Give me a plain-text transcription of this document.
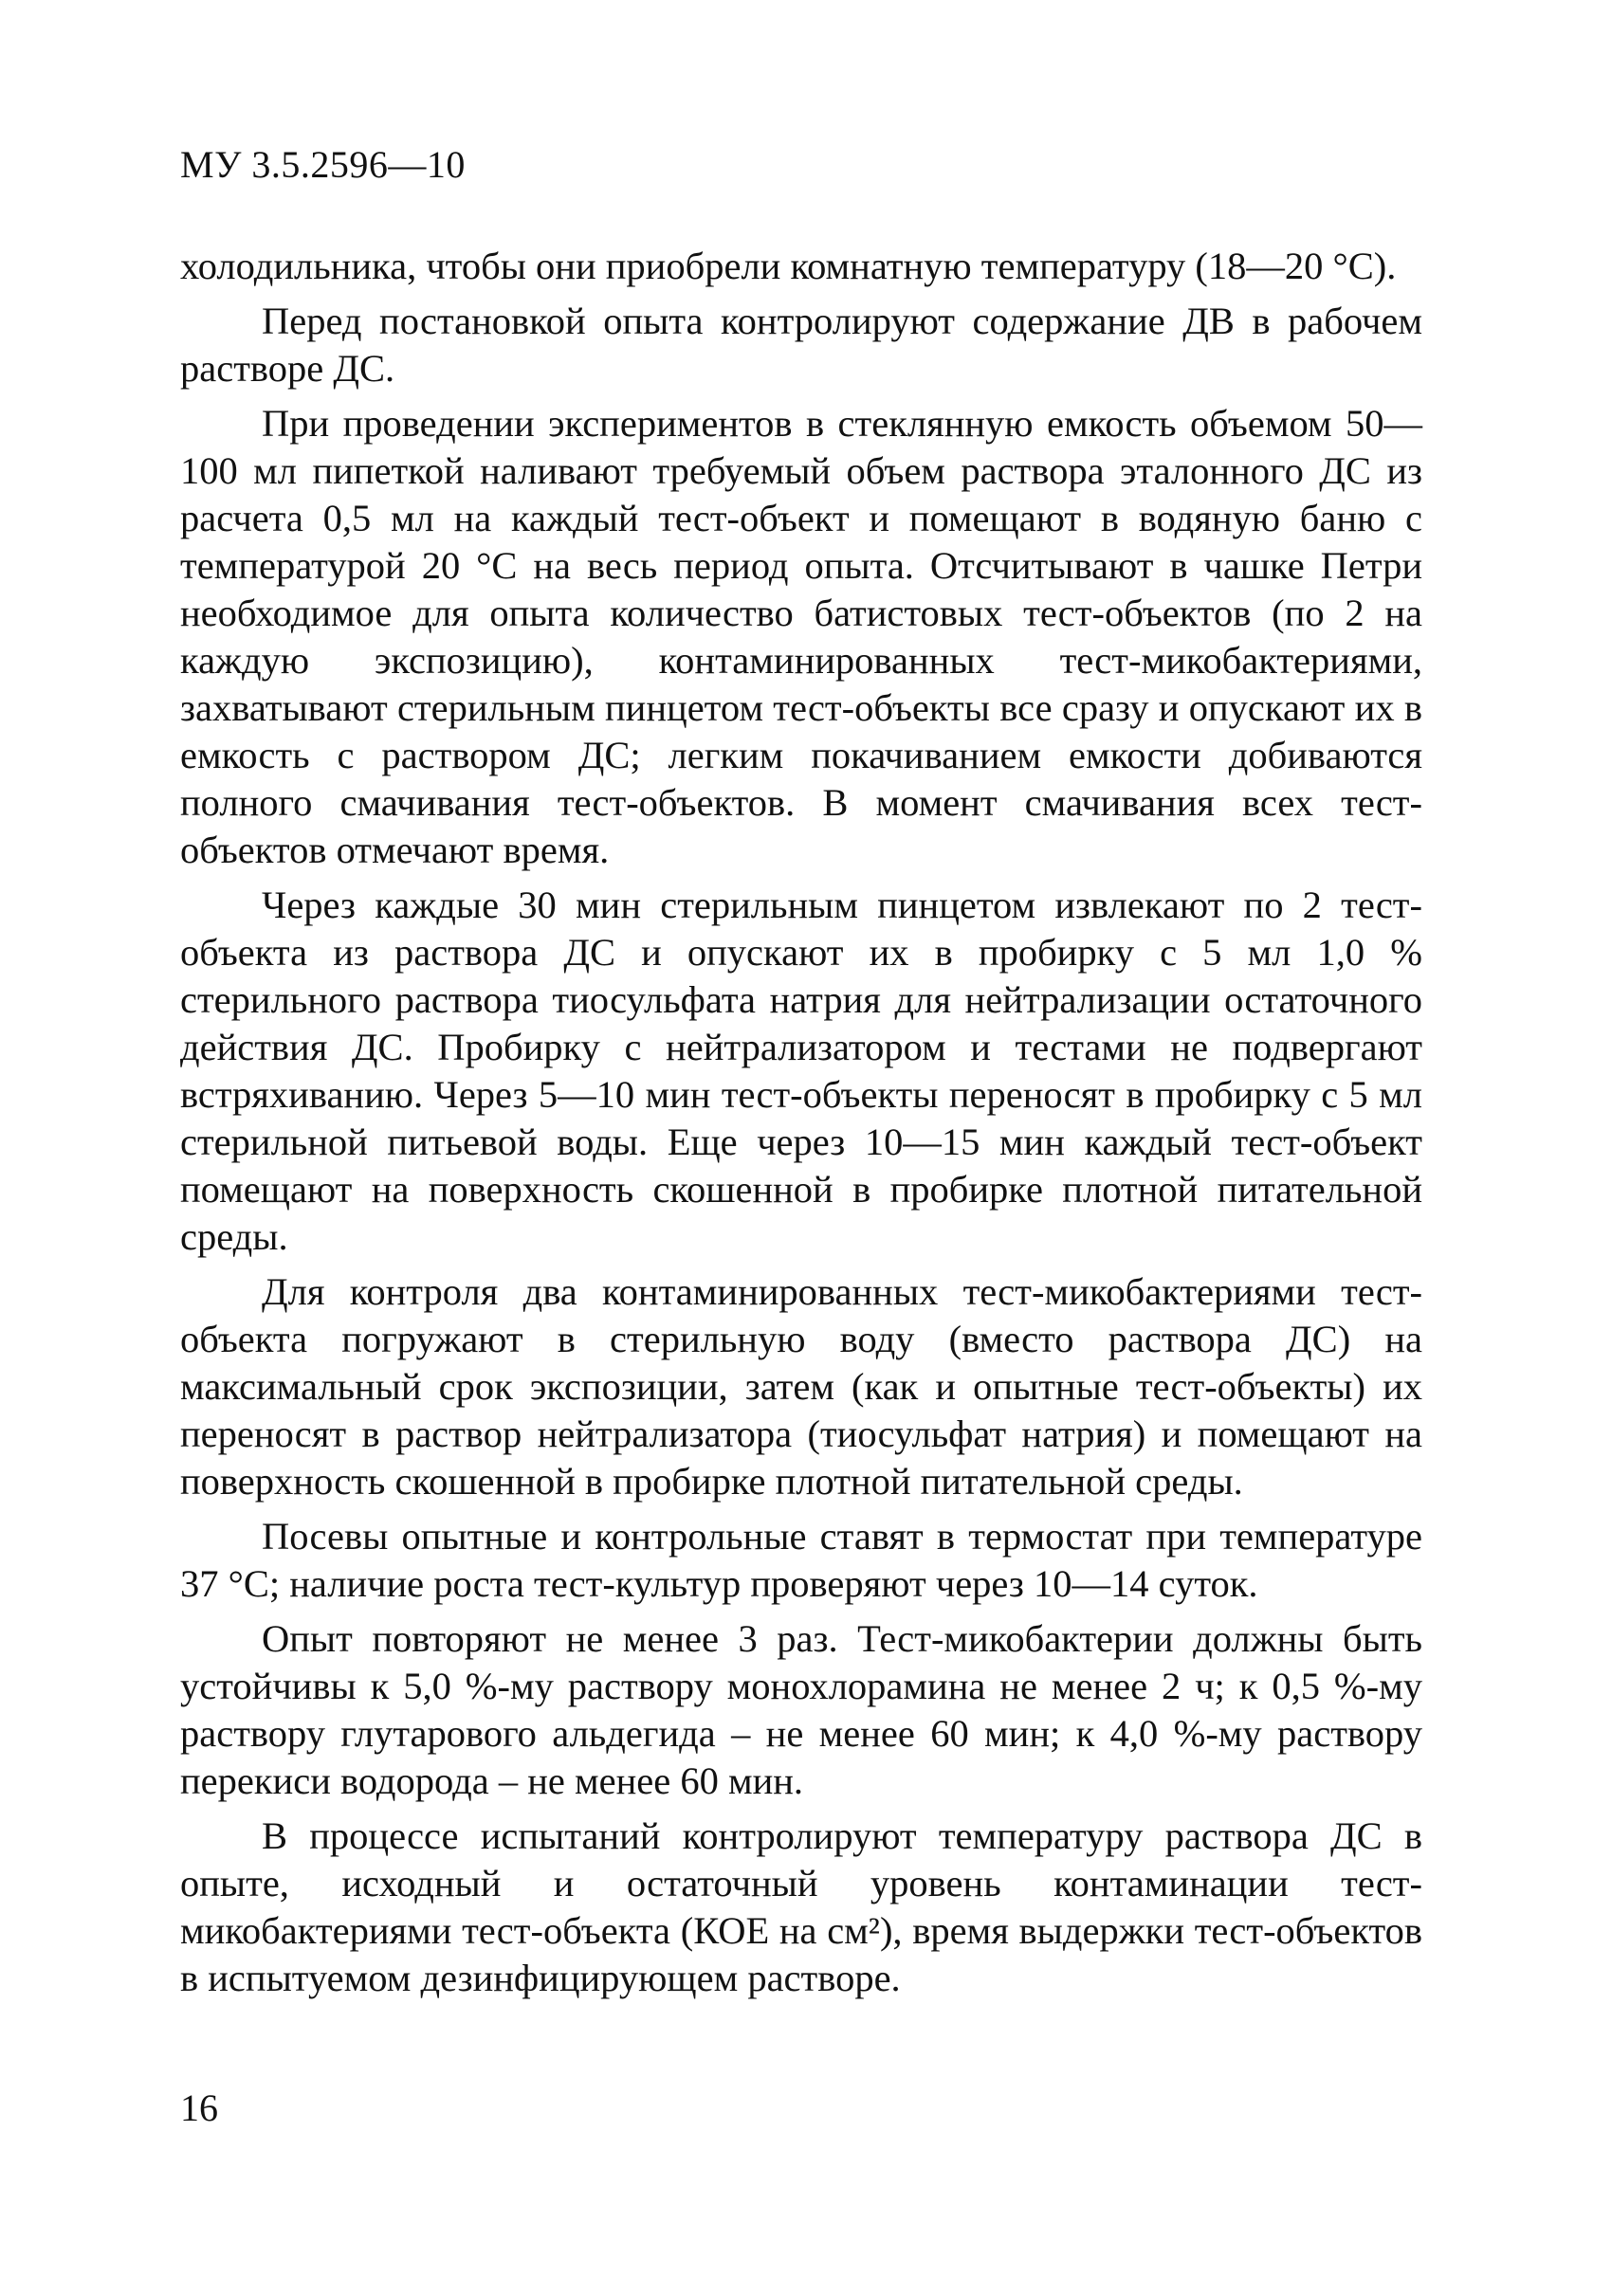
МУ 3.5.2596—10

холодильника, чтобы они приобрели комнатную температуру (18—20 °С).

Перед постановкой опыта контролируют содержание ДВ в рабочем растворе ДС.

При проведении экспериментов в стеклянную емкость объемом 50—100 мл пипеткой наливают требуемый объем раствора эталонного ДС из расчета 0,5 мл на каждый тест-объект и помещают в водяную баню с температурой 20 °С на весь период опыта. Отсчитывают в чашке Петри необходимое для опыта количество батистовых тест-объектов (по 2 на каждую экспозицию), контаминированных тест-микобактериями, захватывают стерильным пинцетом тест-объекты все сразу и опускают их в емкость с раствором ДС; легким покачиванием емкости добиваются полного смачивания тест-объектов. В момент смачивания всех тест-объектов отмечают время.

Через каждые 30 мин стерильным пинцетом извлекают по 2 тест-объекта из раствора ДС и опускают их в пробирку с 5 мл 1,0 % стерильного раствора тиосульфата натрия для нейтрализации остаточного действия ДС. Пробирку с нейтрализатором и тестами не подвергают встряхиванию. Через 5—10 мин тест-объекты переносят в пробирку с 5 мл стерильной питьевой воды. Еще через 10—15 мин каждый тест-объект помещают на поверхность скошенной в пробирке плотной питательной среды.

Для контроля два контаминированных тест-микобактериями тест-объекта погружают в стерильную воду (вместо раствора ДС) на максимальный срок экспозиции, затем (как и опытные тест-объекты) их переносят в раствор нейтрализатора (тиосульфат натрия) и помещают на поверхность скошенной в пробирке плотной питательной среды.

Посевы опытные и контрольные ставят в термостат при температуре 37 °С; наличие роста тест-культур проверяют через 10—14 суток.

Опыт повторяют не менее 3 раз. Тест-микобактерии должны быть устойчивы к 5,0 %-му раствору монохлорамина не менее 2 ч; к 0,5 %-му раствору глутарового альдегида – не менее 60 мин; к 4,0 %-му раствору перекиси водорода – не менее 60 мин.

В процессе испытаний контролируют температуру раствора ДС в опыте, исходный и остаточный уровень контаминации тест-микобактериями тест-объекта (КОЕ на см²), время выдержки тест-объектов в испытуемом дезинфицирующем растворе.

16
